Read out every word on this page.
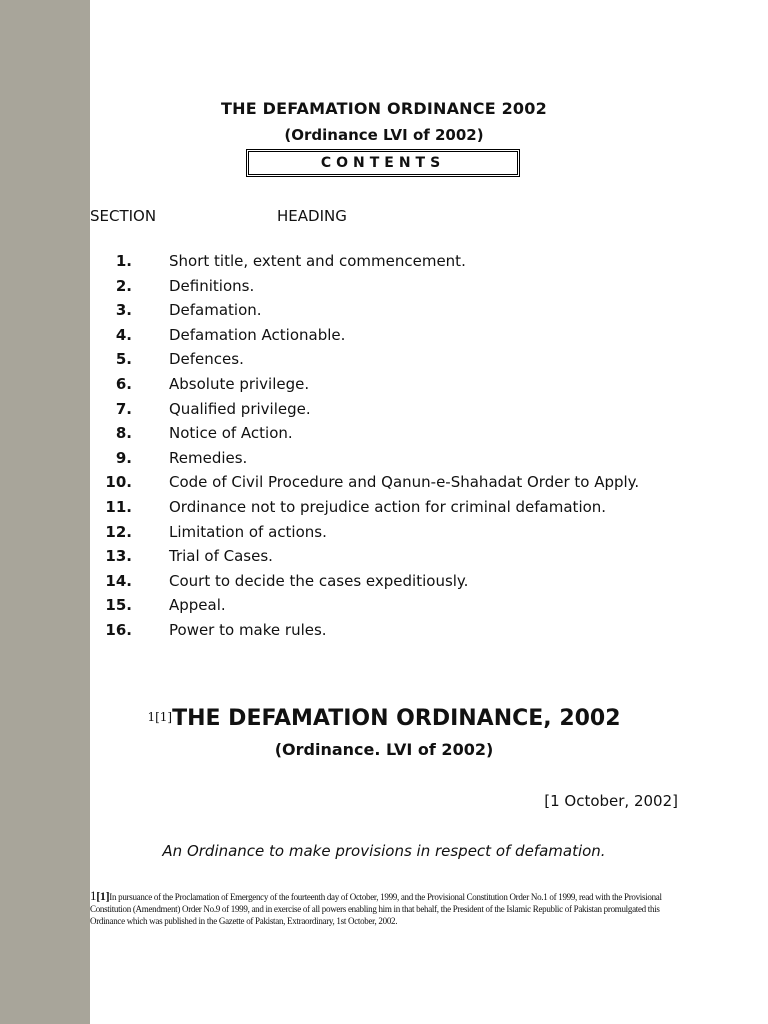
THE DEFAMATION ORDINANCE 2002
(Ordinance LVI of 2002)
CONTENTS
SECTION	HEADING
1. Short title, extent and commencement.
2. Definitions.
3. Defamation.
4. Defamation Actionable.
5. Defences.
6. Absolute privilege.
7. Qualified privilege.
8. Notice of Action.
9. Remedies.
10. Code of Civil Procedure and Qanun-e-Shahadat Order to Apply.
11. Ordinance not to prejudice action for criminal defamation.
12. Limitation of actions.
13. Trial of Cases.
14. Court to decide the cases expeditiously.
15. Appeal.
16. Power to make rules.
1[1]THE DEFAMATION ORDINANCE, 2002
(Ordinance. LVI of 2002)
[1 October, 2002]
An Ordinance to make provisions in respect of defamation.
1[1]In pursuance of the Proclamation of Emergency of the fourteenth day of October, 1999, and the Provisional Constitution Order No.1 of 1999, read with the Provisional Constitution (Amendment) Order No.9 of 1999, and in exercise of all powers enabling him in that behalf, the President of the Islamic Republic of Pakistan promulgated this Ordinance which was published in the Gazette of Pakistan, Extraordinary, 1st October, 2002.
